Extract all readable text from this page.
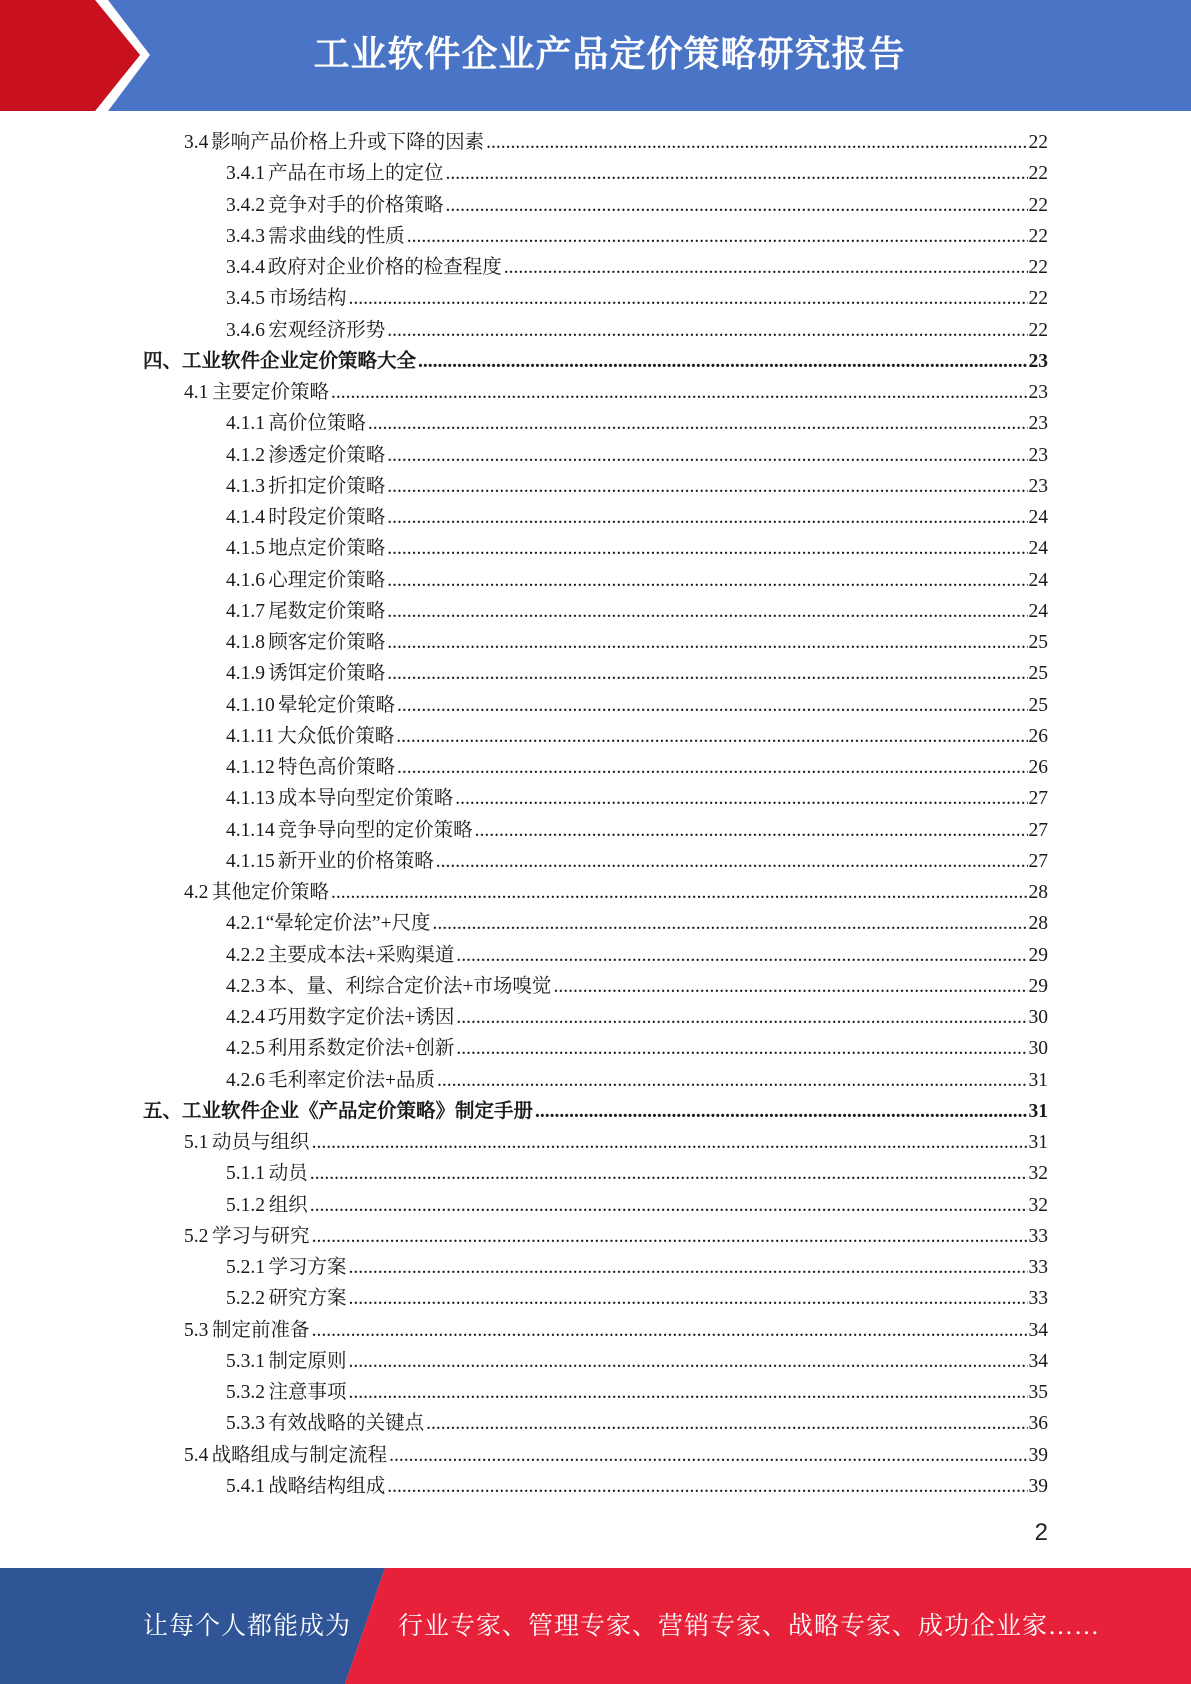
工业软件企业产品定价策略研究报告
3.4 影响产品价格上升或下降的因素 .....	22
3.4.1 产品在市场上的定位 .....	22
3.4.2 竞争对手的价格策略 .....	22
3.4.3 需求曲线的性质 .....	22
3.4.4 政府对企业价格的检查程度 .....	22
3.4.5 市场结构 .....	22
3.4.6 宏观经济形势 .....	22
四、工业软件企业定价策略大全 .....	23
4.1 主要定价策略 .....	23
4.1.1 高价位策略 .....	23
4.1.2 渗透定价策略 .....	23
4.1.3 折扣定价策略 .....	23
4.1.4 时段定价策略 .....	24
4.1.5 地点定价策略 .....	24
4.1.6 心理定价策略 .....	24
4.1.7 尾数定价策略 .....	24
4.1.8 顾客定价策略 .....	25
4.1.9 诱饵定价策略 .....	25
4.1.10 晕轮定价策略 .....	25
4.1.11 大众低价策略 .....	26
4.1.12 特色高价策略 .....	26
4.1.13 成本导向型定价策略 .....	27
4.1.14 竞争导向型的定价策略 .....	27
4.1.15 新开业的价格策略 .....	27
4.2 其他定价策略 .....	28
4.2.1 “晕轮定价法”+尺度 .....	28
4.2.2 主要成本法+采购渠道 .....	29
4.2.3 本、量、利综合定价法+市场嗅觉 .....	29
4.2.4 巧用数字定价法+诱因 .....	30
4.2.5 利用系数定价法+创新 .....	30
4.2.6 毛利率定价法+品质 .....	31
五、工业软件企业《产品定价策略》制定手册 .....	31
5.1 动员与组织 .....	31
5.1.1 动员 .....	32
5.1.2 组织 .....	32
5.2 学习与研究 .....	33
5.2.1 学习方案 .....	33
5.2.2 研究方案 .....	33
5.3 制定前准备 .....	34
5.3.1 制定原则 .....	34
5.3.2 注意事项 .....	35
5.3.3 有效战略的关键点 .....	36
5.4 战略组成与制定流程 .....	39
5.4.1 战略结构组成 .....	39
2
让每个人都能成为 行业专家、管理专家、营销专家、战略专家、成功企业家……
